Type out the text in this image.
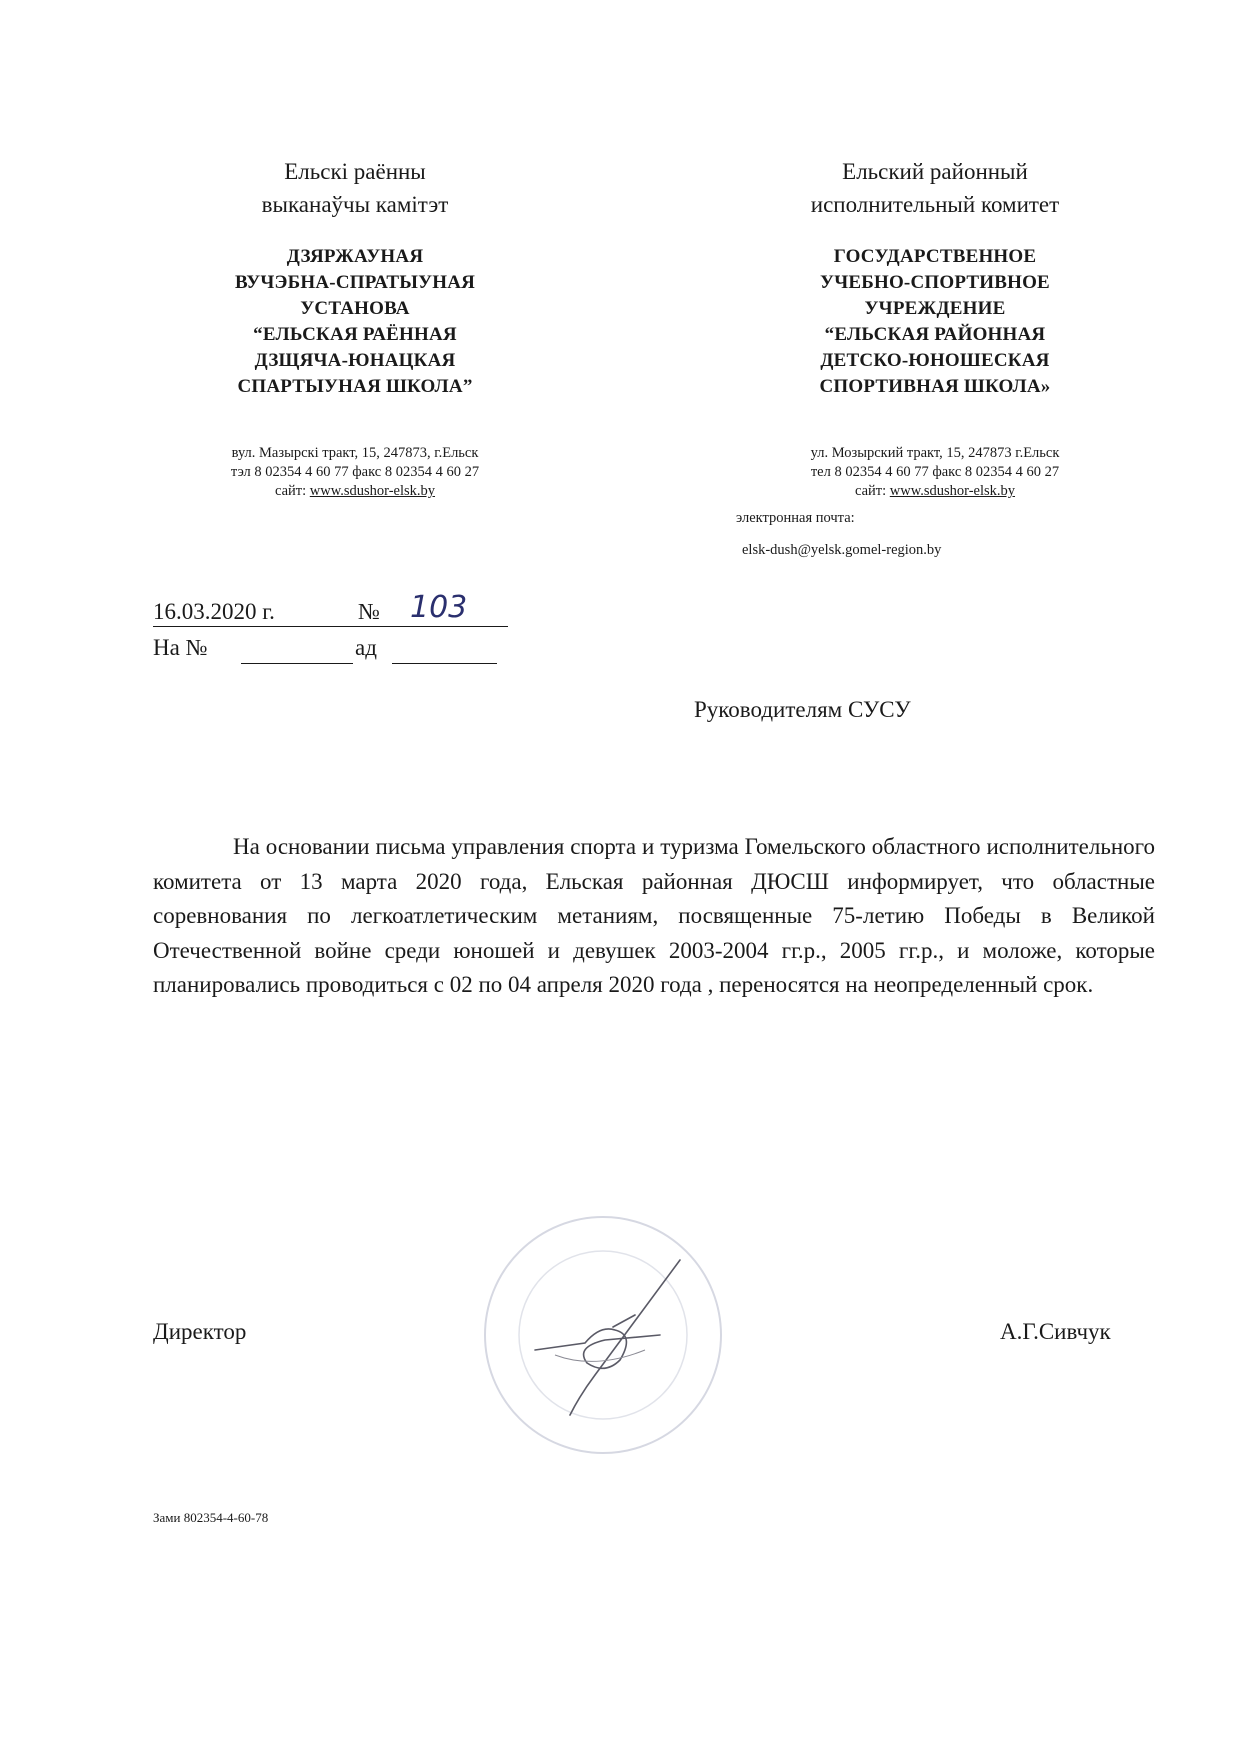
Ельскі раённы
выканаўчы камітэт
ДЗЯРЖАУНАЯ
ВУЧЭБНА-СПРАТЫУНАЯ
УСТАНОВА
“ЕЛЬСКАЯ РАЁННАЯ
ДЗЩЯЧА-ЮНАЦКАЯ
СПАРТЫУНАЯ ШКОЛА”
вул. Мазырскі тракт, 15, 247873, г.Ельск
тэл 8 02354 4 60 77 факс 8 02354 4 60 27
сайт: www.sdushor-elsk.by
Ельский районный
исполнительный комитет
ГОСУДАРСТВЕННОЕ
УЧЕБНО-СПОРТИВНОЕ
УЧРЕЖДЕНИЕ
“ЕЛЬСКАЯ РАЙОННАЯ
ДЕТСКО-ЮНОШЕСКАЯ
СПОРТИВНАЯ ШКОЛА»
ул. Мозырский тракт, 15, 247873 г.Ельск
тел 8 02354 4 60 77 факс 8 02354 4 60 27
сайт: www.sdushor-elsk.by
электронная почта:
elsk-dush@yelsk.gomel-region.by
16.03.2020 г.	№ 103
На №	ад
Руководителям СУСУ

На основании письма управления спорта и туризма Гомельского областного исполнительного комитета от 13 марта 2020 года, Ельская районная ДЮСШ информирует, что областные соревнования по легкоатлетическим метаниям, посвященные 75-летию Победы в Великой Отечественной войне среди юношей и девушек 2003-2004 гг.р., 2005 гг.р., и моложе, которые планировались проводиться с 02 по 04 апреля 2020 года , переносятся на неопределенный срок.

Директор	А.Г.Сивчук
Зами 802354-4-60-78
